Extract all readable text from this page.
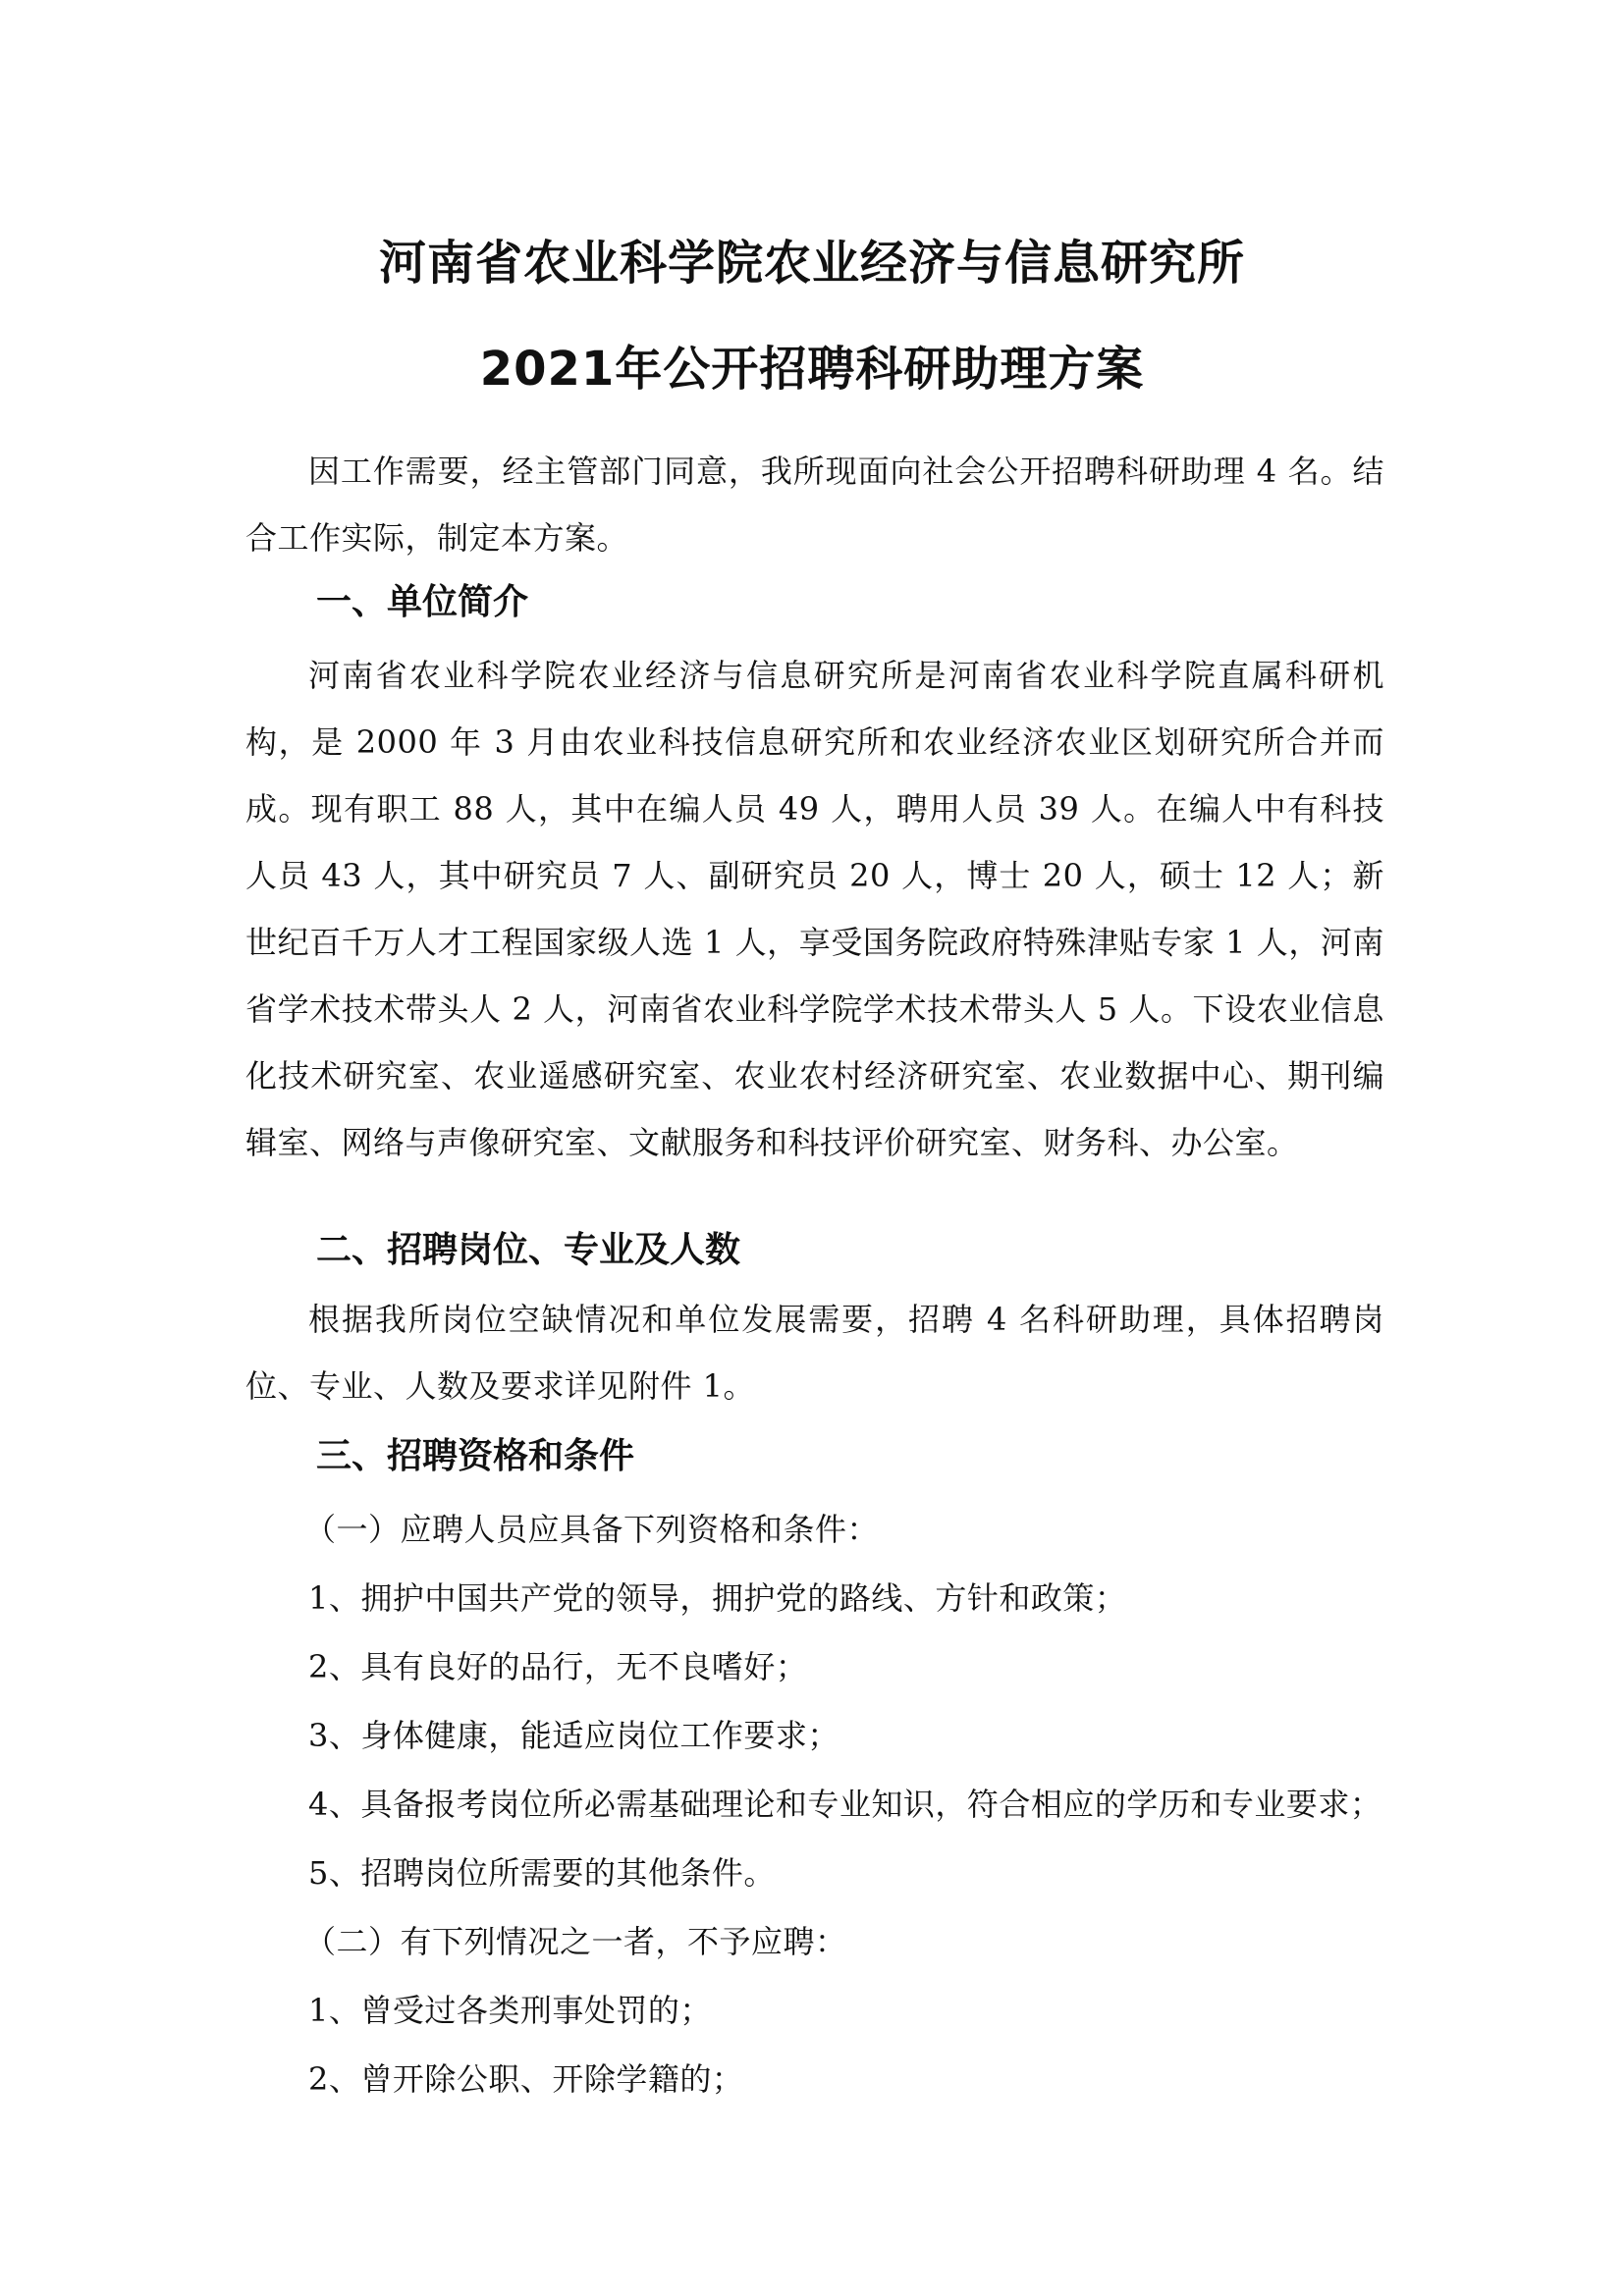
河南省农业科学院农业经济与信息研究所
2021年公开招聘科研助理方案
因工作需要，经主管部门同意，我所现面向社会公开招聘科研助理 4 名。结合工作实际，制定本方案。
一、单位简介
河南省农业科学院农业经济与信息研究所是河南省农业科学院直属科研机构，是 2000 年 3 月由农业科技信息研究所和农业经济农业区划研究所合并而成。现有职工 88 人，其中在编人员 49 人，聘用人员 39 人。在编人中有科技人员 43 人，其中研究员 7 人、副研究员 20 人，博士 20 人，硕士 12 人；新世纪百千万人才工程国家级人选 1 人，享受国务院政府特殊津贴专家 1 人，河南省学术技术带头人 2 人，河南省农业科学院学术技术带头人 5 人。下设农业信息化技术研究室、农业遥感研究室、农业农村经济研究室、农业数据中心、期刊编辑室、网络与声像研究室、文献服务和科技评价研究室、财务科、办公室。
二、招聘岗位、专业及人数
根据我所岗位空缺情况和单位发展需要，招聘 4 名科研助理，具体招聘岗位、专业、人数及要求详见附件 1。
三、招聘资格和条件
（一）应聘人员应具备下列资格和条件：
1、拥护中国共产党的领导，拥护党的路线、方针和政策；
2、具有良好的品行，无不良嗜好；
3、身体健康，能适应岗位工作要求；
4、具备报考岗位所必需基础理论和专业知识，符合相应的学历和专业要求；
5、招聘岗位所需要的其他条件。
（二）有下列情况之一者，不予应聘：
1、曾受过各类刑事处罚的；
2、曾开除公职、开除学籍的；
